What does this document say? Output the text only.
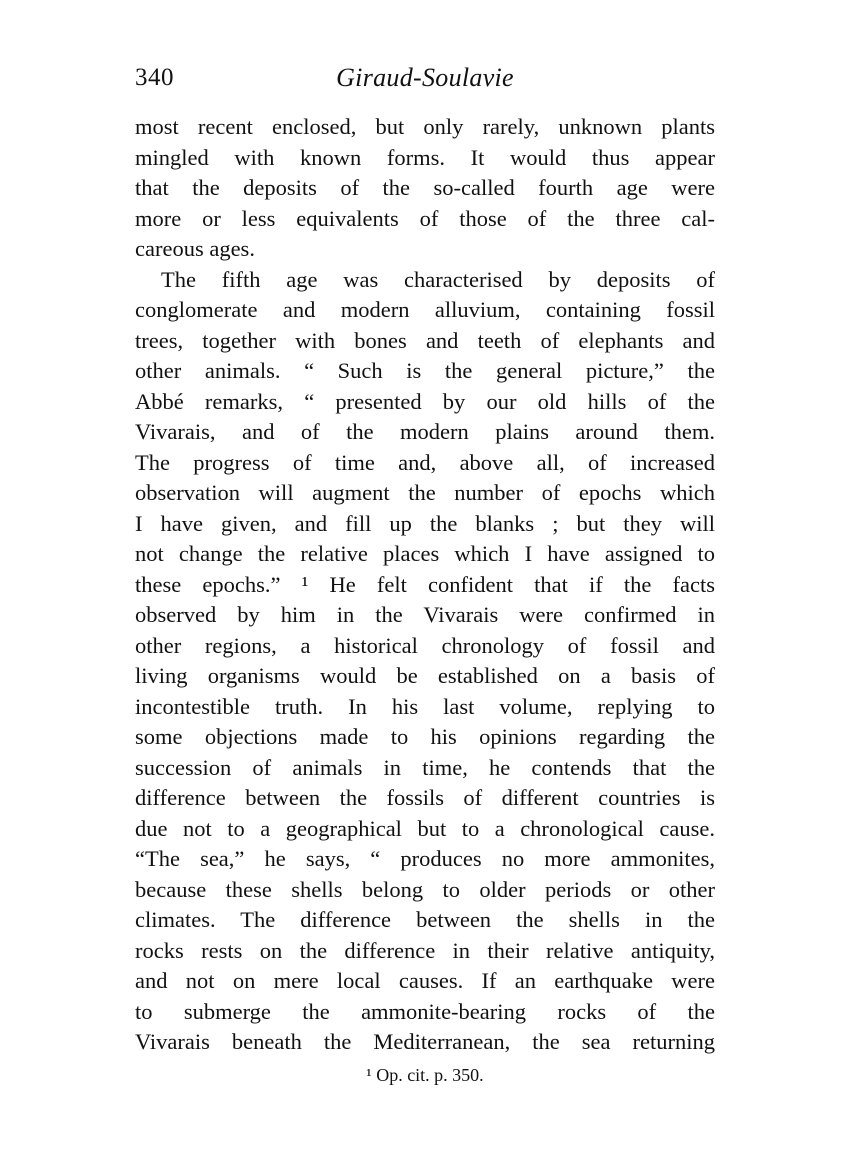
340	Giraud-Soulavie
most recent enclosed, but only rarely, unknown plants
mingled with known forms. It would thus appear
that the deposits of the so-called fourth age were
more or less equivalents of those of the three cal-
careous ages.
The fifth age was characterised by deposits of
conglomerate and modern alluvium, containing fossil
trees, together with bones and teeth of elephants and
other animals. “ Such is the general picture,” the
Abbé remarks, “ presented by our old hills of the
Vivarais, and of the modern plains around them.
The progress of time and, above all, of increased
observation will augment the number of epochs which
I have given, and fill up the blanks ; but they will
not change the relative places which I have assigned to
these epochs.” ¹ He felt confident that if the facts
observed by him in the Vivarais were confirmed in
other regions, a historical chronology of fossil and
living organisms would be established on a basis of
incontestible truth. In his last volume, replying to
some objections made to his opinions regarding the
succession of animals in time, he contends that the
difference between the fossils of different countries is
due not to a geographical but to a chronological cause.
“The sea,” he says, “ produces no more ammonites,
because these shells belong to older periods or other
climates. The difference between the shells in the
rocks rests on the difference in their relative antiquity,
and not on mere local causes. If an earthquake were
to submerge the ammonite-bearing rocks of the
Vivarais beneath the Mediterranean, the sea returning
¹ Op. cit. p. 350.
